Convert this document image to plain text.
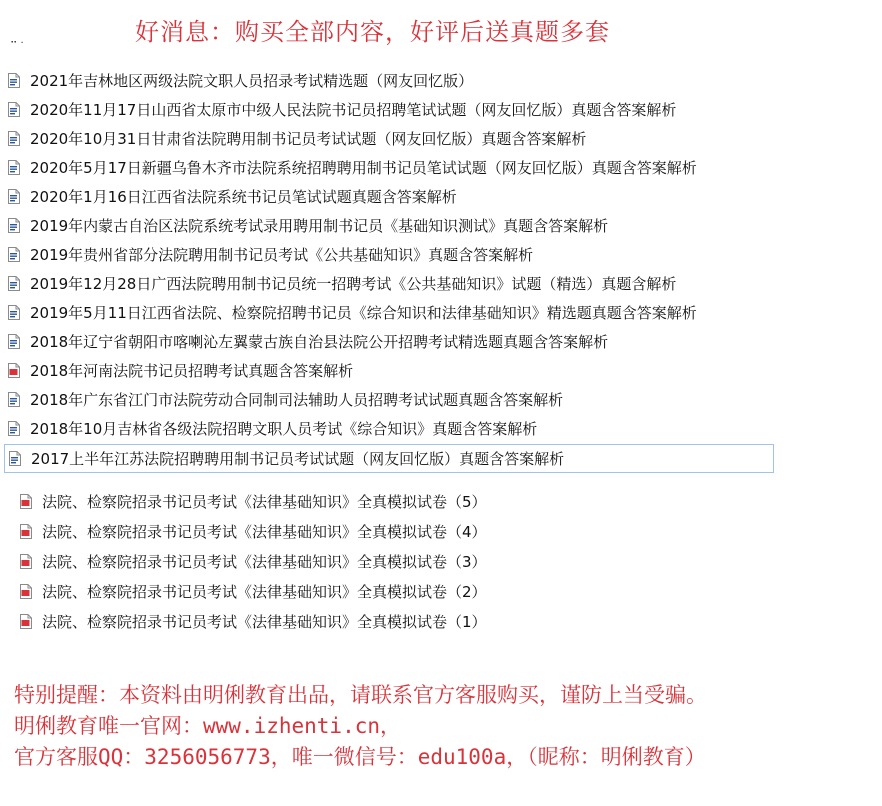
好消息：购买全部内容，好评后送真题多套
⠒ ·
2021年吉林地区两级法院文职人员招录考试精选题（网友回忆版）
2020年11月17日山西省太原市中级人民法院书记员招聘笔试试题（网友回忆版）真题含答案解析
2020年10月31日甘肃省法院聘用制书记员考试试题（网友回忆版）真题含答案解析
2020年5月17日新疆乌鲁木齐市法院系统招聘聘用制书记员笔试试题（网友回忆版）真题含答案解析
2020年1月16日江西省法院系统书记员笔试试题真题含答案解析
2019年内蒙古自治区法院系统考试录用聘用制书记员《基础知识测试》真题含答案解析
2019年贵州省部分法院聘用制书记员考试《公共基础知识》真题含答案解析
2019年12月28日广西法院聘用制书记员统一招聘考试《公共基础知识》试题（精选）真题含解析
2019年5月11日江西省法院、检察院招聘书记员《综合知识和法律基础知识》精选题真题含答案解析
2018年辽宁省朝阳市喀喇沁左翼蒙古族自治县法院公开招聘考试精选题真题含答案解析
2018年河南法院书记员招聘考试真题含答案解析
2018年广东省江门市法院劳动合同制司法辅助人员招聘考试试题真题含答案解析
2018年10月吉林省各级法院招聘文职人员考试《综合知识》真题含答案解析
2017上半年江苏法院招聘聘用制书记员考试试题（网友回忆版）真题含答案解析
法院、检察院招录书记员考试《法律基础知识》全真模拟试卷（5）
法院、检察院招录书记员考试《法律基础知识》全真模拟试卷（4）
法院、检察院招录书记员考试《法律基础知识》全真模拟试卷（3）
法院、检察院招录书记员考试《法律基础知识》全真模拟试卷（2）
法院、检察院招录书记员考试《法律基础知识》全真模拟试卷（1）
特别提醒：本资料由明俐教育出品，请联系官方客服购买，谨防上当受骗。
明俐教育唯一官网：www.izhenti.cn，
官方客服QQ：3256056773，唯一微信号：edu100a，（昵称：明俐教育）
